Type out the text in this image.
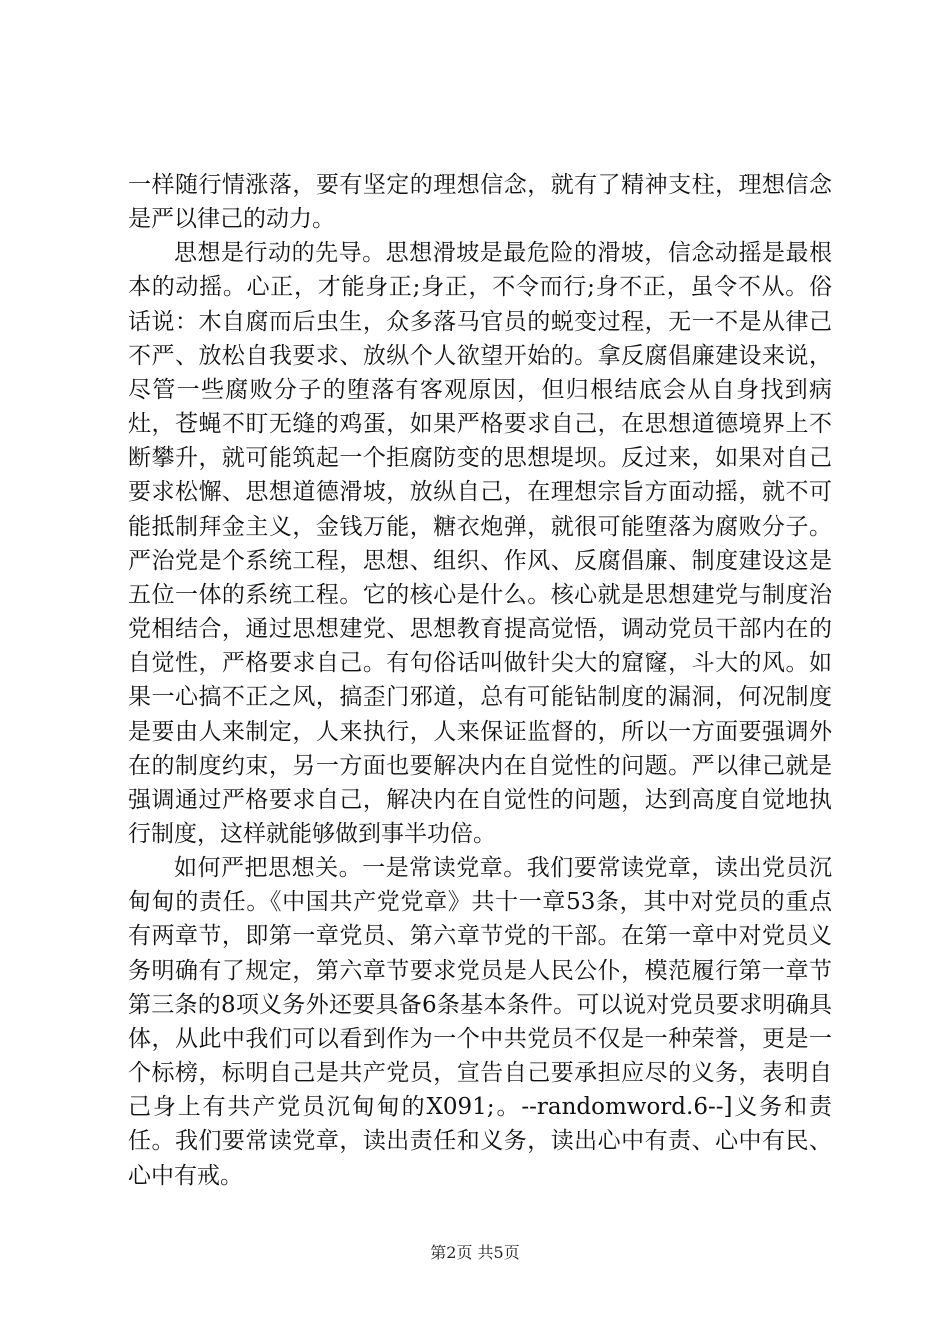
一样随行情涨落，要有坚定的理想信念，就有了精神支柱，理想信念是严以律己的动力。

思想是行动的先导。思想滑坡是最危险的滑坡，信念动摇是最根本的动摇。心正，才能身正;身正，不令而行;身不正，虽令不从。俗话说：木自腐而后虫生，众多落马官员的蜕变过程，无一不是从律己不严、放松自我要求、放纵个人欲望开始的。拿反腐倡廉建设来说，尽管一些腐败分子的堕落有客观原因，但归根结底会从自身找到病灶，苍蝇不盯无缝的鸡蛋，如果严格要求自己，在思想道德境界上不断攀升，就可能筑起一个拒腐防变的思想堤坝。反过来，如果对自己要求松懈、思想道德滑坡，放纵自己，在理想宗旨方面动摇，就不可能抵制拜金主义，金钱万能，糖衣炮弹，就很可能堕落为腐败分子。严治党是个系统工程，思想、组织、作风、反腐倡廉、制度建设这是五位一体的系统工程。它的核心是什么。核心就是思想建党与制度治党相结合，通过思想建党、思想教育提高觉悟，调动党员干部内在的自觉性，严格要求自己。有句俗话叫做针尖大的窟窿，斗大的风。如果一心搞不正之风，搞歪门邪道，总有可能钻制度的漏洞，何况制度是要由人来制定，人来执行，人来保证监督的，所以一方面要强调外在的制度约束，另一方面也要解决内在自觉性的问题。严以律己就是强调通过严格要求自己，解决内在自觉性的问题，达到高度自觉地执行制度，这样就能够做到事半功倍。

如何严把思想关。一是常读党章。我们要常读党章，读出党员沉甸甸的责任。《中国共产党党章》共十一章53条，其中对党员的重点有两章节，即第一章党员、第六章节党的干部。在第一章中对党员义务明确有了规定，第六章节要求党员是人民公仆，模范履行第一章节第三条的8项义务外还要具备6条基本条件。可以说对党员要求明确具体，从此中我们可以看到作为一个中共党员不仅是一种荣誉，更是一个标榜，标明自己是共产党员，宣告自己要承担应尽的义务，表明自己身上有共产党员沉甸甸的X091;。--randomword.6--]义务和责任。我们要常读党章，读出责任和义务，读出心中有责、心中有民、心中有戒。

第2页 共5页
